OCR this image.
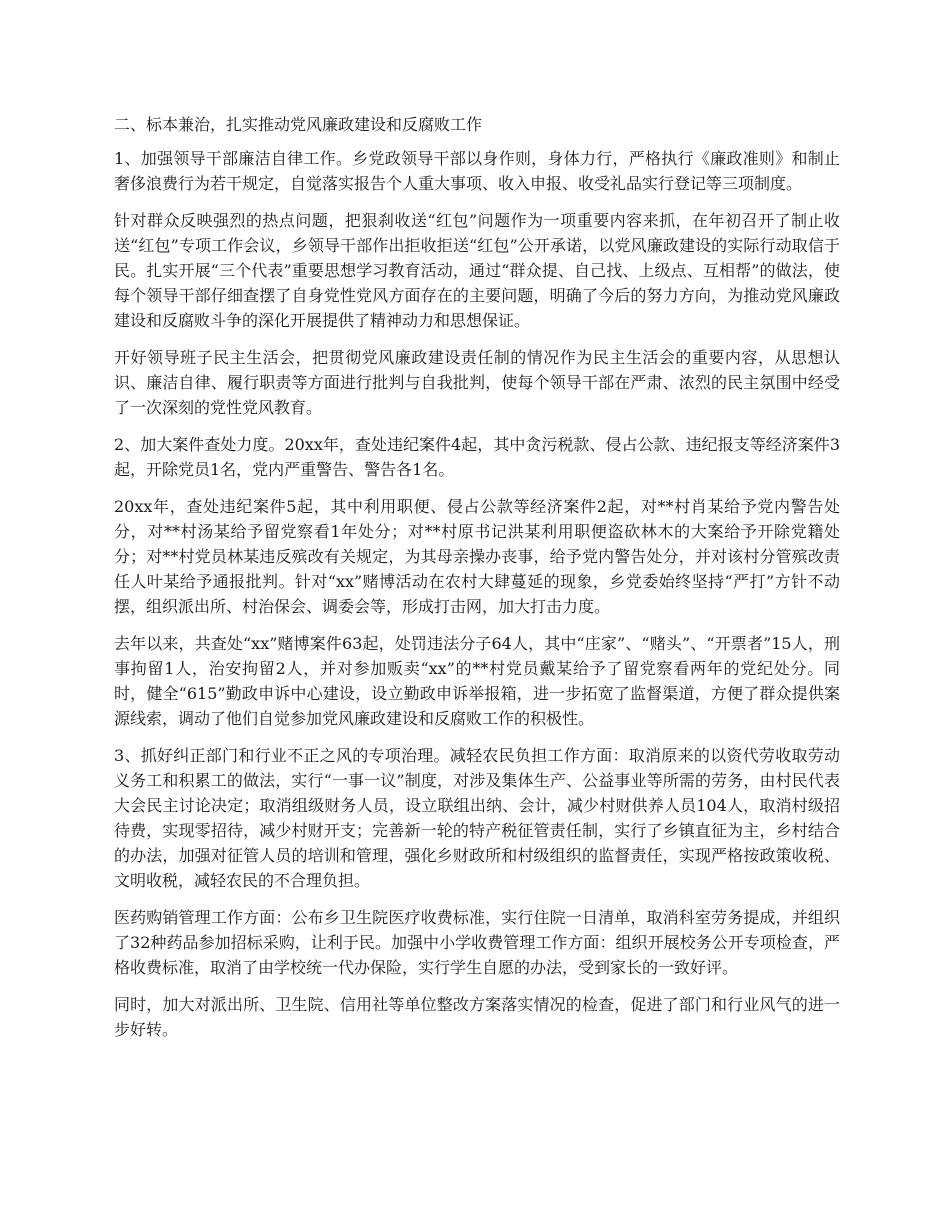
二、标本兼治，扎实推动党风廉政建设和反腐败工作

1、加强领导干部廉洁自律工作。乡党政领导干部以身作则，身体力行，严格执行《廉政准则》和制止奢侈浪费行为若干规定，自觉落实报告个人重大事项、收入申报、收受礼品实行登记等三项制度。

针对群众反映强烈的热点问题，把狠刹收送“红包”问题作为一项重要内容来抓，在年初召开了制止收送“红包”专项工作会议，乡领导干部作出拒收拒送“红包”公开承诺，以党风廉政建设的实际行动取信于民。扎实开展“三个代表”重要思想学习教育活动，通过“群众提、自己找、上级点、互相帮”的做法，使每个领导干部仔细查摆了自身党性党风方面存在的主要问题，明确了今后的努力方向，为推动党风廉政建设和反腐败斗争的深化开展提供了精神动力和思想保证。

开好领导班子民主生活会，把贯彻党风廉政建设责任制的情况作为民主生活会的重要内容，从思想认识、廉洁自律、履行职责等方面进行批判与自我批判，使每个领导干部在严肃、浓烈的民主氛围中经受了一次深刻的党性党风教育。

2、加大案件查处力度。20xx年，查处违纪案件4起，其中贪污税款、侵占公款、违纪报支等经济案件3起，开除党员1名，党内严重警告、警告各1名。

20xx年，查处违纪案件5起，其中利用职便、侵占公款等经济案件2起，对**村肖某给予党内警告处分，对**村汤某给予留党察看1年处分；对**村原书记洪某利用职便盗砍林木的大案给予开除党籍处分；对**村党员林某违反殡改有关规定，为其母亲操办丧事，给予党内警告处分，并对该村分管殡改责任人叶某给予通报批判。针对“xx”赌博活动在农村大肆蔓延的现象，乡党委始终坚持“严打”方针不动摆，组织派出所、村治保会、调委会等，形成打击网，加大打击力度。

去年以来，共查处“xx”赌博案件63起，处罚违法分子64人，其中“庄家”、“赌头”、“开票者”15人，刑事拘留1人，治安拘留2人，并对参加贩卖“xx”的**村党员戴某给予了留党察看两年的党纪处分。同时，健全“615”勤政申诉中心建设，设立勤政申诉举报箱，进一步拓宽了监督渠道，方便了群众提供案源线索，调动了他们自觉参加党风廉政建设和反腐败工作的积极性。

3、抓好纠正部门和行业不正之风的专项治理。减轻农民负担工作方面：取消原来的以资代劳收取劳动义务工和积累工的做法，实行“一事一议”制度，对涉及集体生产、公益事业等所需的劳务，由村民代表大会民主讨论决定；取消组级财务人员，设立联组出纳、会计，减少村财供养人员104人，取消村级招待费，实现零招待，减少村财开支；完善新一轮的特产税征管责任制，实行了乡镇直征为主，乡村结合的办法，加强对征管人员的培训和管理，强化乡财政所和村级组织的监督责任，实现严格按政策收税、文明收税，减轻农民的不合理负担。

医药购销管理工作方面：公布乡卫生院医疗收费标准，实行住院一日清单，取消科室劳务提成，并组织了32种药品参加招标采购，让利于民。加强中小学收费管理工作方面：组织开展校务公开专项检查，严格收费标准，取消了由学校统一代办保险，实行学生自愿的办法，受到家长的一致好评。

同时，加大对派出所、卫生院、信用社等单位整改方案落实情况的检查，促进了部门和行业风气的进一步好转。
